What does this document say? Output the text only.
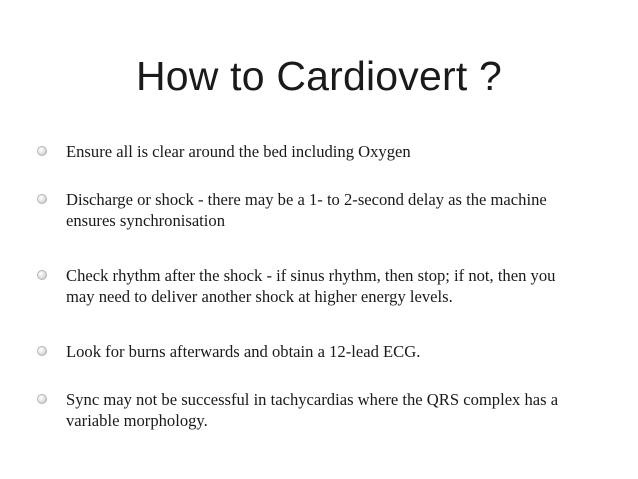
How to Cardiovert ?
Ensure all is clear around the bed including Oxygen
Discharge or shock - there may be a 1- to 2-second delay as the machine ensures synchronisation
Check rhythm after the shock - if sinus rhythm, then stop; if not, then you may need to deliver another shock at higher energy levels.
Look for burns afterwards and obtain a 12-lead ECG.
Sync may not be successful in tachycardias where the QRS complex has a variable morphology.
